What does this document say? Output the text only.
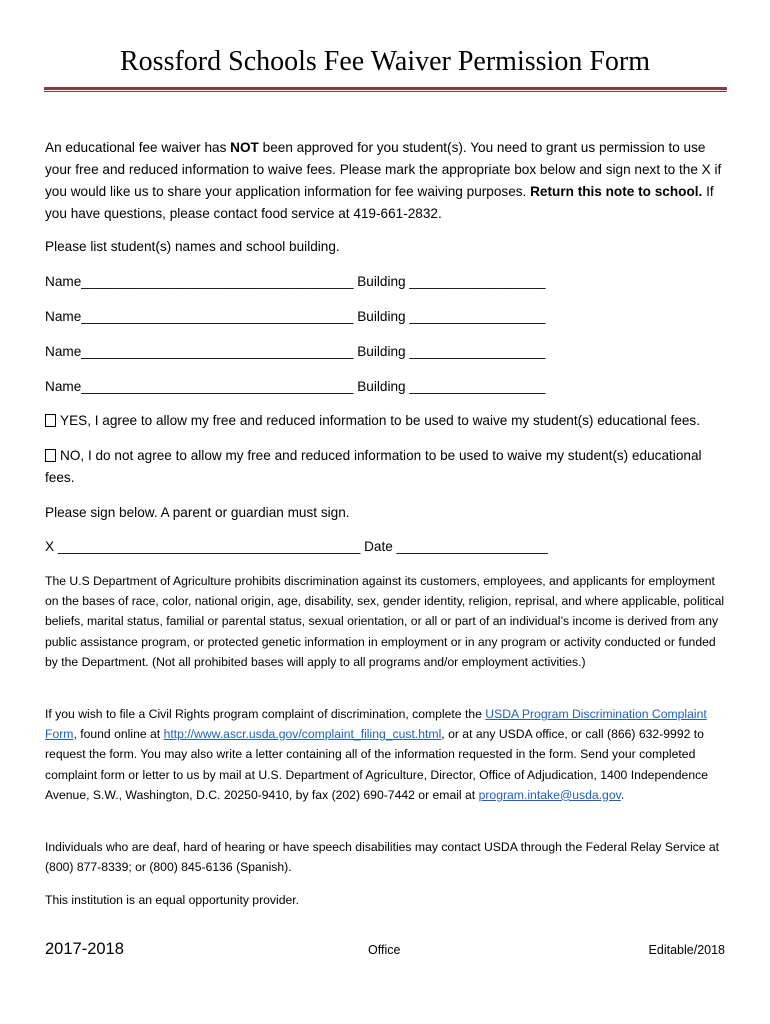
Rossford Schools Fee Waiver Permission Form
An educational fee waiver has NOT been approved for you student(s). You need to grant us permission to use your free and reduced information to waive fees. Please mark the appropriate box below and sign next to the X if you would like us to share your application information for fee waiving purposes. Return this note to school. If you have questions, please contact food service at 419-661-2832.
Please list student(s) names and school building.
Name____________________________________ Building __________________
Name____________________________________ Building __________________
Name____________________________________ Building __________________
Name____________________________________ Building __________________
YES, I agree to allow my free and reduced information to be used to waive my student(s) educational fees.
NO, I do not agree to allow my free and reduced information to be used to waive my student(s) educational fees.
Please sign below. A parent or guardian must sign.
X ________________________________________ Date ____________________
The U.S Department of Agriculture prohibits discrimination against its customers, employees, and applicants for employment on the bases of race, color, national origin, age, disability, sex, gender identity, religion, reprisal, and where applicable, political beliefs, marital status, familial or parental status, sexual orientation, or all or part of an individual’s income is derived from any public assistance program, or protected genetic information in employment or in any program or activity conducted or funded by the Department. (Not all prohibited bases will apply to all programs and/or employment activities.)
If you wish to file a Civil Rights program complaint of discrimination, complete the USDA Program Discrimination Complaint Form, found online at http://www.ascr.usda.gov/complaint_filing_cust.html, or at any USDA office, or call (866) 632-9992 to request the form. You may also write a letter containing all of the information requested in the form. Send your completed complaint form or letter to us by mail at U.S. Department of Agriculture, Director, Office of Adjudication, 1400 Independence Avenue, S.W., Washington, D.C. 20250-9410, by fax (202) 690-7442 or email at program.intake@usda.gov.
Individuals who are deaf, hard of hearing or have speech disabilities may contact USDA through the Federal Relay Service at (800) 877-8339; or (800) 845-6136 (Spanish).
This institution is an equal opportunity provider.
2017-2018	Office	Editable/2018
